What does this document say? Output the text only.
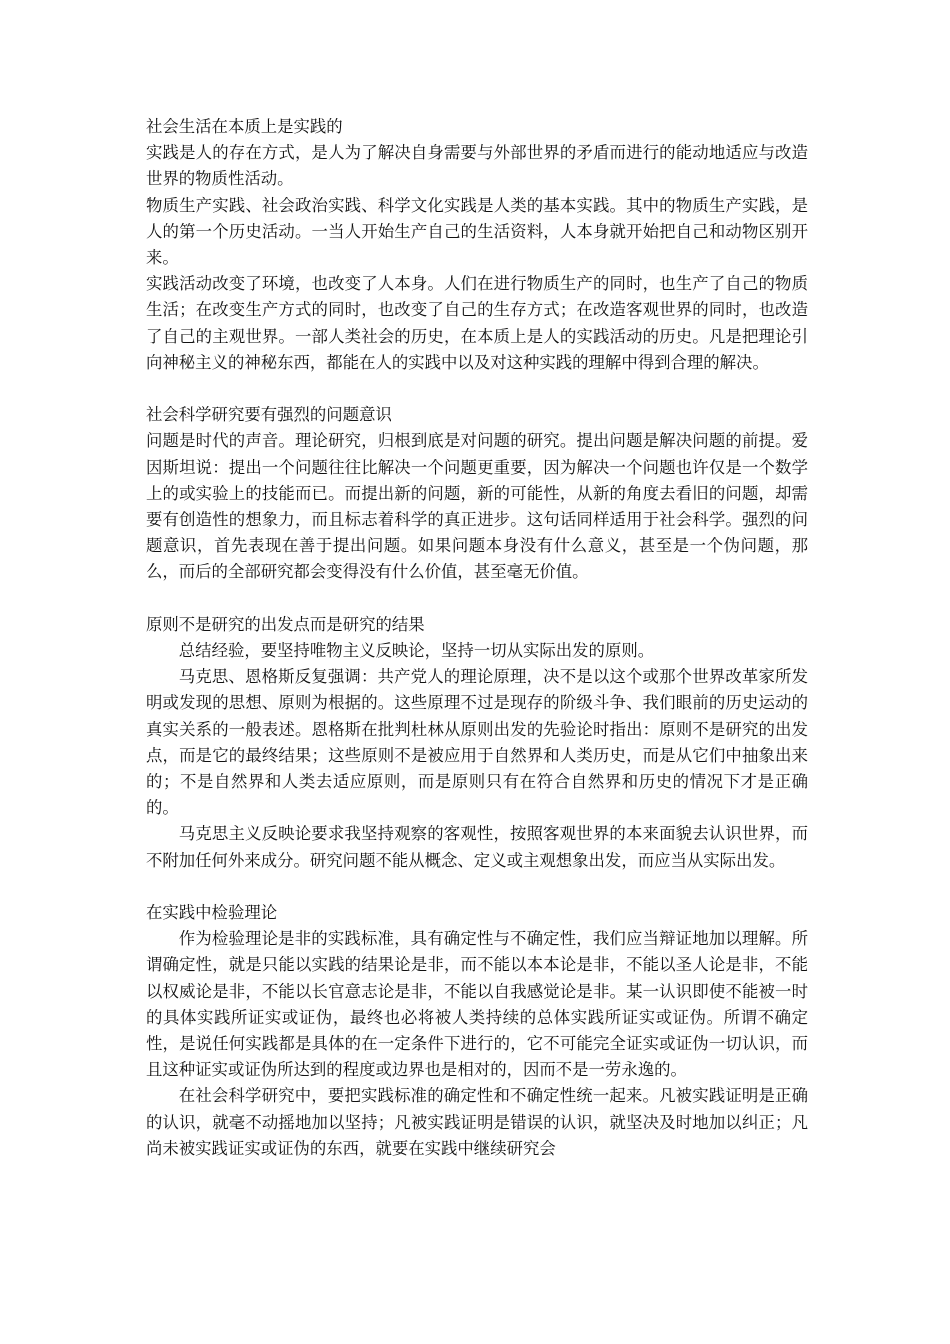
社会生活在本质上是实践的

实践是人的存在方式，是人为了解决自身需要与外部世界的矛盾而进行的能动地适应与改造世界的物质性活动。

物质生产实践、社会政治实践、科学文化实践是人类的基本实践。其中的物质生产实践，是人的第一个历史活动。一当人开始生产自己的生活资料，人本身就开始把自己和动物区别开来。

实践活动改变了环境，也改变了人本身。人们在进行物质生产的同时，也生产了自己的物质生活；在改变生产方式的同时，也改变了自己的生存方式；在改造客观世界的同时，也改造了自己的主观世界。一部人类社会的历史，在本质上是人的实践活动的历史。凡是把理论引向神秘主义的神秘东西，都能在人的实践中以及对这种实践的理解中得到合理的解决。

社会科学研究要有强烈的问题意识

问题是时代的声音。理论研究，归根到底是对问题的研究。提出问题是解决问题的前提。爱因斯坦说：提出一个问题往往比解决一个问题更重要，因为解决一个问题也许仅是一个数学上的或实验上的技能而已。而提出新的问题，新的可能性，从新的角度去看旧的问题，却需要有创造性的想象力，而且标志着科学的真正进步。这句话同样适用于社会科学。强烈的问题意识，首先表现在善于提出问题。如果问题本身没有什么意义，甚至是一个伪问题，那么，而后的全部研究都会变得没有什么价值，甚至毫无价值。

原则不是研究的出发点而是研究的结果

总结经验，要坚持唯物主义反映论，坚持一切从实际出发的原则。

马克思、恩格斯反复强调：共产党人的理论原理，决不是以这个或那个世界改革家所发明或发现的思想、原则为根据的。这些原理不过是现存的阶级斗争、我们眼前的历史运动的真实关系的一般表述。恩格斯在批判杜林从原则出发的先验论时指出：原则不是研究的出发点，而是它的最终结果；这些原则不是被应用于自然界和人类历史，而是从它们中抽象出来的；不是自然界和人类去适应原则，而是原则只有在符合自然界和历史的情况下才是正确的。

马克思主义反映论要求我坚持观察的客观性，按照客观世界的本来面貌去认识世界，而不附加任何外来成分。研究问题不能从概念、定义或主观想象出发，而应当从实际出发。

在实践中检验理论

作为检验理论是非的实践标准，具有确定性与不确定性，我们应当辩证地加以理解。所谓确定性，就是只能以实践的结果论是非，而不能以本本论是非，不能以圣人论是非，不能以权威论是非，不能以长官意志论是非，不能以自我感觉论是非。某一认识即使不能被一时的具体实践所证实或证伪，最终也必将被人类持续的总体实践所证实或证伪。所谓不确定性，是说任何实践都是具体的在一定条件下进行的，它不可能完全证实或证伪一切认识，而且这种证实或证伪所达到的程度或边界也是相对的，因而不是一劳永逸的。

在社会科学研究中，要把实践标准的确定性和不确定性统一起来。凡被实践证明是正确的认识，就毫不动摇地加以坚持；凡被实践证明是错误的认识，就坚决及时地加以纠正；凡尚未被实践证实或证伪的东西，就要在实践中继续研究会
